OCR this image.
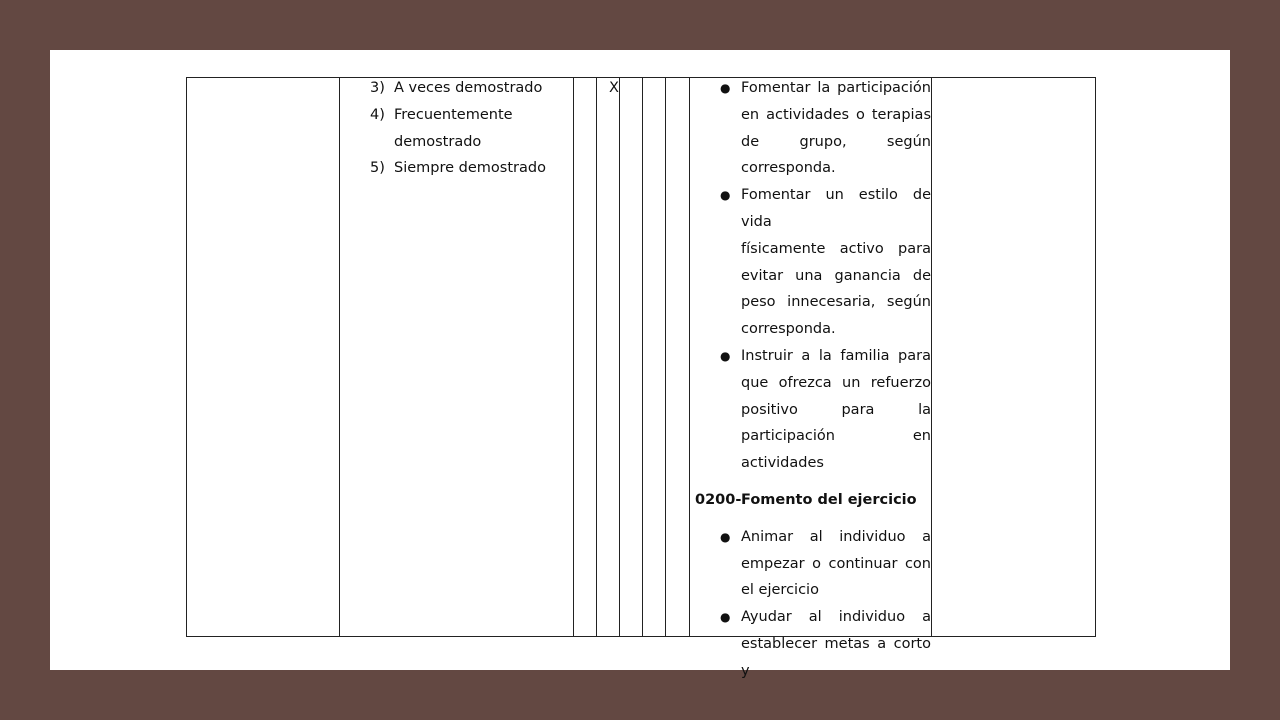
3) A veces demostrado
4) Frecuentemente
demostrado
5) Siempre demostrado
X	● Fomentar la participación
en actividades o terapias
de grupo, según
corresponda.
● Fomentar un estilo de vida
físicamente activo para
evitar una ganancia de
peso innecesaria, según
corresponda.
● Instruir a la familia para
que ofrezca un refuerzo
positivo para la
participación en
actividades
0200-Fomento del ejercicio
● Animar al individuo a
empezar o continuar con
el ejercicio
● Ayudar al individuo a
establecer metas a corto y
